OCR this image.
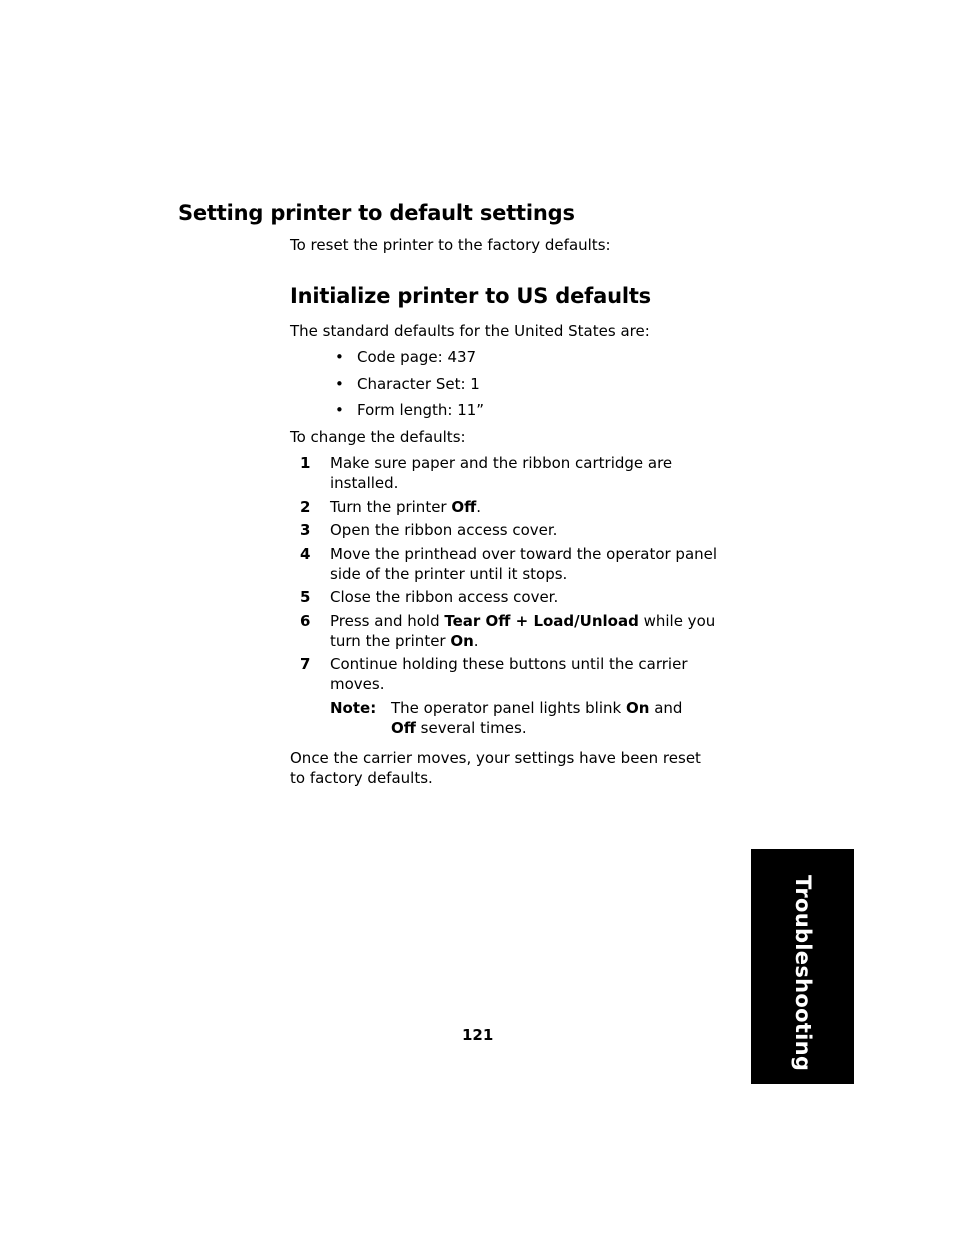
Setting printer to default settings

To reset the printer to the factory defaults:

Initialize printer to US defaults

The standard defaults for the United States are:

• Code page: 437
• Character Set: 1
• Form length: 11”

To change the defaults:

1 Make sure paper and the ribbon cartridge are installed.
2 Turn the printer Off.
3 Open the ribbon access cover.
4 Move the printhead over toward the operator panel side of the printer until it stops.
5 Close the ribbon access cover.
6 Press and hold Tear Off + Load/Unload while you turn the printer On.
7 Continue holding these buttons until the carrier moves.
Note: The operator panel lights blink On and Off several times.

Once the carrier moves, your settings have been reset to factory defaults.

121	Troubleshooting
